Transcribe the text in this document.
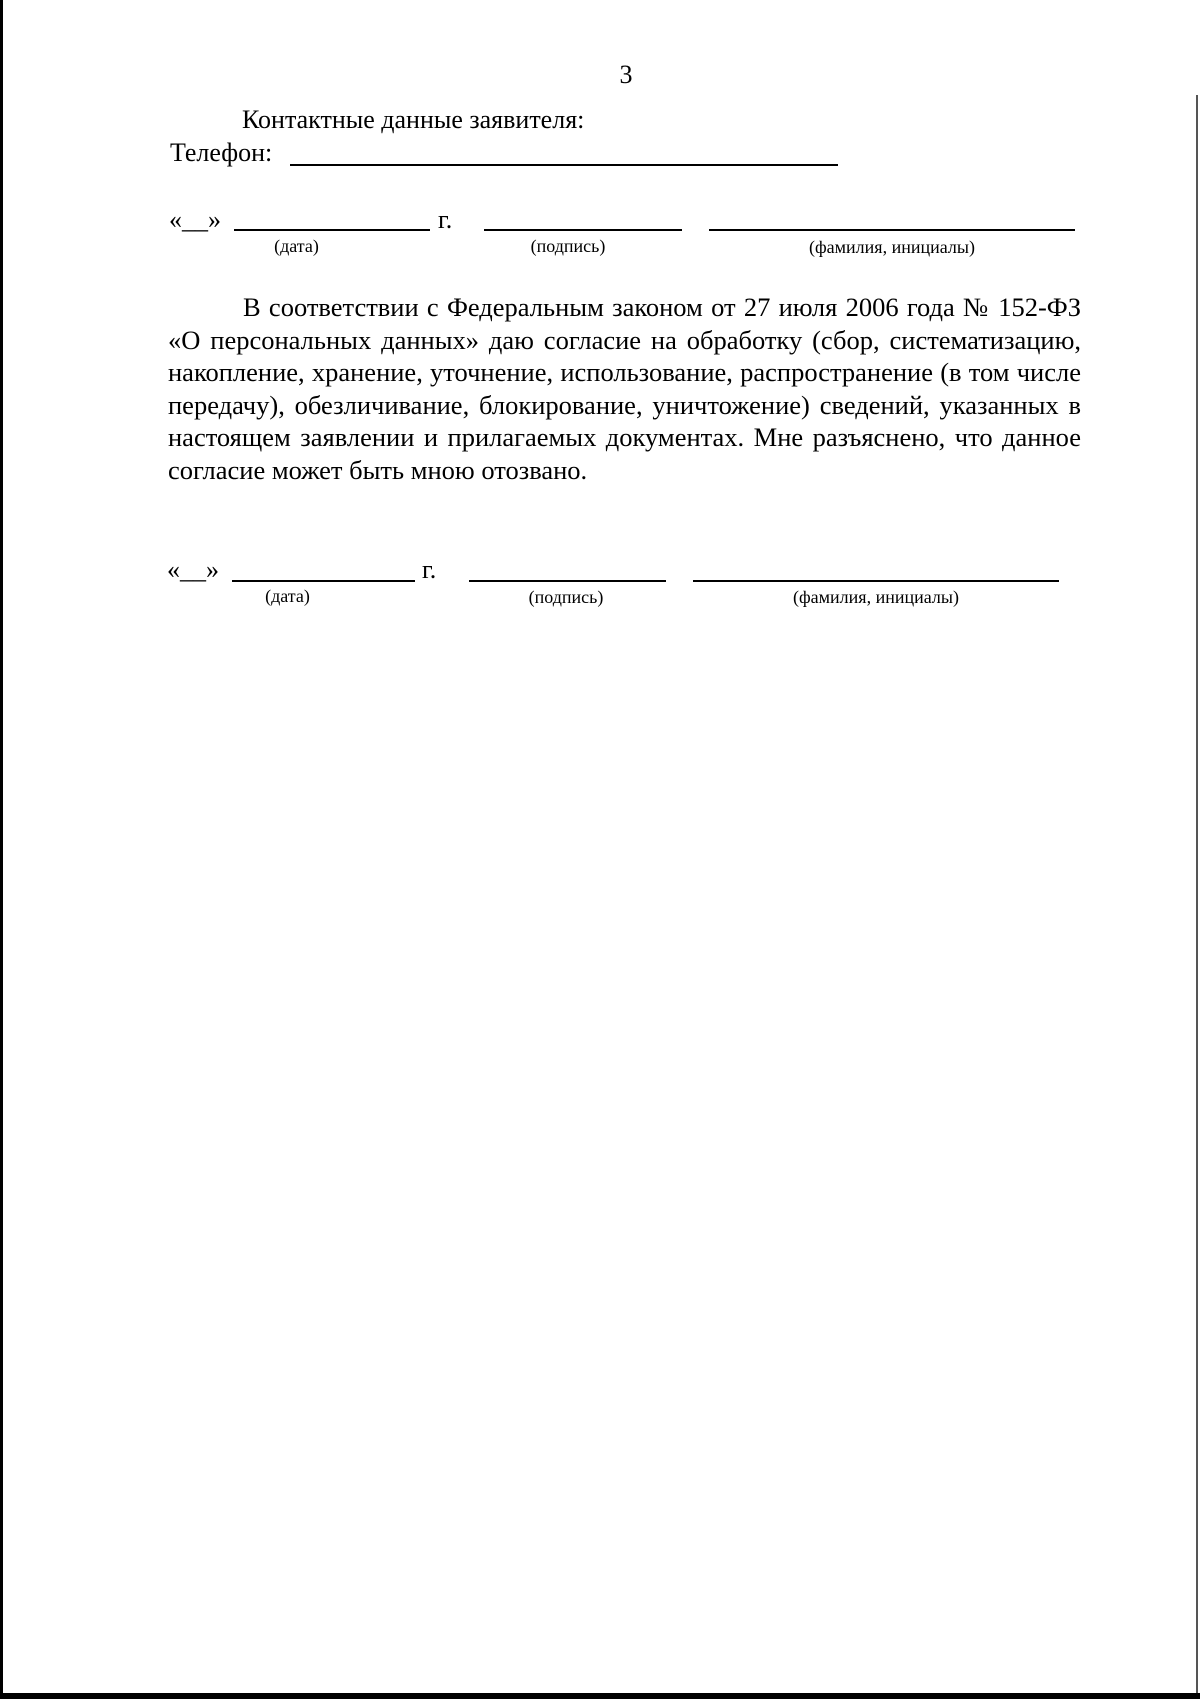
3
Контактные данные заявителя:
Телефон:
«__»	г.
(дата)	(подпись)	(фамилия, инициалы)
В соответствии с Федеральным законом от 27 июля 2006 года № 152-ФЗ «О персональных данных» даю согласие на обработку (сбор, систематизацию, накопление, хранение, уточнение, использование, распространение (в том числе передачу), обезличивание, блокирование, уничтожение) сведений, указанных в настоящем заявлении и прилагаемых документах. Мне разъяснено, что данное согласие может быть мною отозвано.
«__»	г.
(дата)	(подпись)	(фамилия, инициалы)
